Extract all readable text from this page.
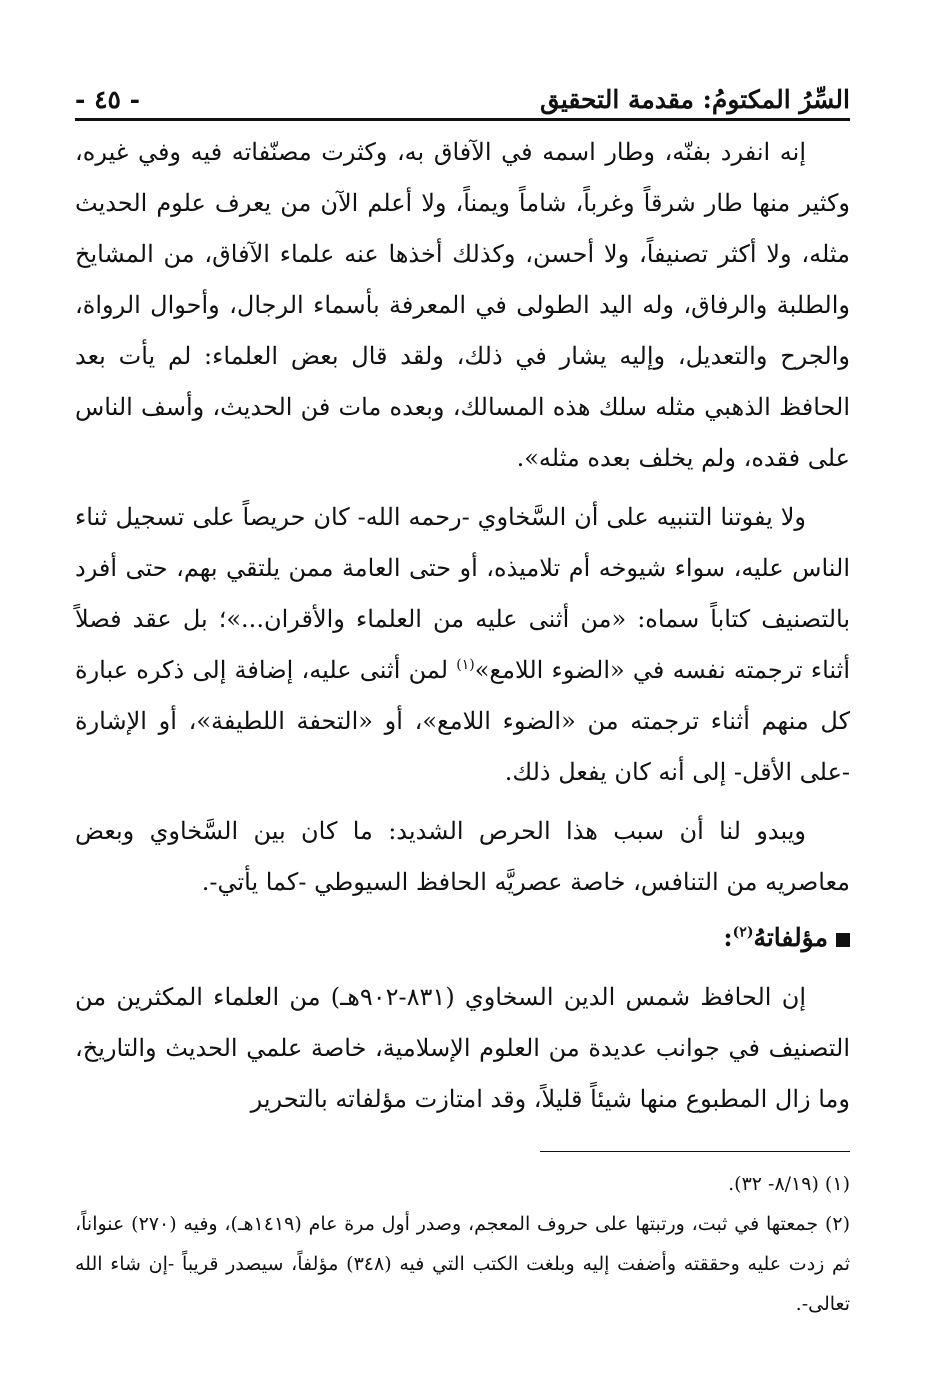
السِّرُ المكتومُ: مقدمة التحقيق
- ٤٥ -

إنه انفرد بفنّه، وطار اسمه في الآفاق به، وكثرت مصنّفاته فيه وفي غيره، وكثير منها طار شرقاً وغرباً، شاماً ويمناً، ولا أعلم الآن من يعرف علوم الحديث مثله، ولا أكثر تصنيفاً، ولا أحسن، وكذلك أخذها عنه علماء الآفاق، من المشايخ والطلبة والرفاق، وله اليد الطولى في المعرفة بأسماء الرجال، وأحوال الرواة، والجرح والتعديل، وإليه يشار في ذلك، ولقد قال بعض العلماء: لم يأت بعد الحافظ الذهبي مثله سلك هذه المسالك، وبعده مات فن الحديث، وأسف الناس على فقده، ولم يخلف بعده مثله».

ولا يفوتنا التنبيه على أن السَّخاوي -رحمه الله- كان حريصاً على تسجيل ثناء الناس عليه، سواء شيوخه أم تلاميذه، أو حتى العامة ممن يلتقي بهم، حتى أفرد بالتصنيف كتاباً سماه: «من أثنى عليه من العلماء والأقران...»؛ بل عقد فصلاً أثناء ترجمته نفسه في «الضوء اللامع»$^{(١)}$ لمن أثنى عليه، إضافة إلى ذكره عبارة كل منهم أثناء ترجمته من «الضوء اللامع»، أو «التحفة اللطيفة»، أو الإشارة -على الأقل- إلى أنه كان يفعل ذلك.

ويبدو لنا أن سبب هذا الحرص الشديد: ما كان بين السَّخاوي وبعض معاصريه من التنافس، خاصة عصريَّه الحافظ السيوطي -كما يأتي-.

مؤلفاتهُ$^{(٢)}$:

إن الحافظ شمس الدين السخاوي (٨٣١-٩٠٢هـ) من العلماء المكثرين من التصنيف في جوانب عديدة من العلوم الإسلامية، خاصة علمي الحديث والتاريخ، وما زال المطبوع منها شيئاً قليلاً، وقد امتازت مؤلفاته بالتحرير

(١) (٨/١٩- ٣٢).

(٢) جمعتها في ثبت، ورتبتها على حروف المعجم، وصدر أول مرة عام (١٤١٩هـ)، وفيه (٢٧٠) عنواناً، ثم زدت عليه وحققته وأضفت إليه وبلغت الكتب التي فيه (٣٤٨) مؤلفاً، سيصدر قريباً -إن شاء الله تعالى-.
